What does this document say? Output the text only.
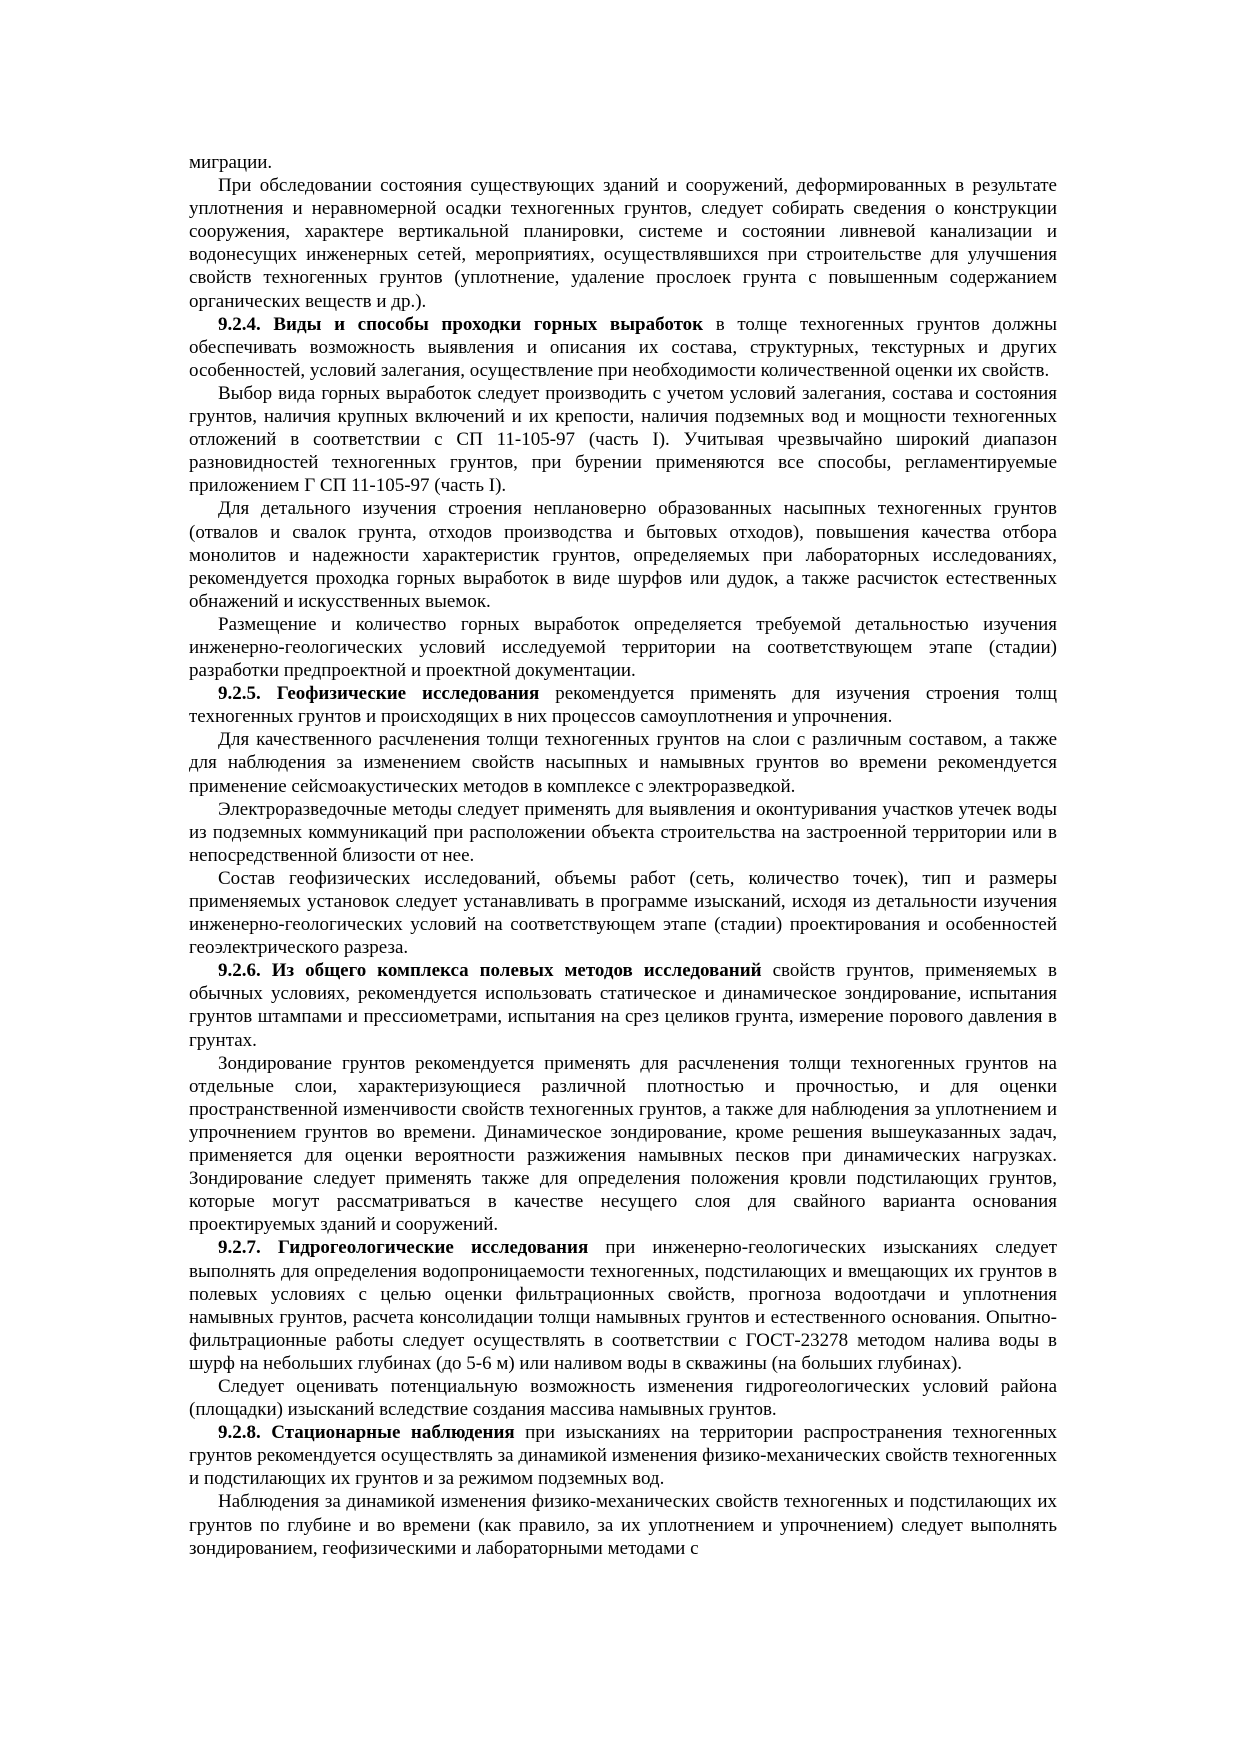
миграции.

При обследовании состояния существующих зданий и сооружений, деформированных в результате уплотнения и неравномерной осадки техногенных грунтов, следует собирать сведения о конструкции сооружения, характере вертикальной планировки, системе и состоянии ливневой канализации и водонесущих инженерных сетей, мероприятиях, осуществлявшихся при строительстве для улучшения свойств техногенных грунтов (уплотнение, удаление прослоек грунта с повышенным содержанием органических веществ и др.).

9.2.4. Виды и способы проходки горных выработок в толще техногенных грунтов должны обеспечивать возможность выявления и описания их состава, структурных, текстурных и других особенностей, условий залегания, осуществление при необходимости количественной оценки их свойств.

Выбор вида горных выработок следует производить с учетом условий залегания, состава и состояния грунтов, наличия крупных включений и их крепости, наличия подземных вод и мощности техногенных отложений в соответствии с СП 11-105-97 (часть I). Учитывая чрезвычайно широкий диапазон разновидностей техногенных грунтов, при бурении применяются все способы, регламентируемые приложением Г СП 11-105-97 (часть I).

Для детального изучения строения неплановерно образованных насыпных техногенных грунтов (отвалов и свалок грунта, отходов производства и бытовых отходов), повышения качества отбора монолитов и надежности характеристик грунтов, определяемых при лабораторных исследованиях, рекомендуется проходка горных выработок в виде шурфов или дудок, а также расчисток естественных обнажений и искусственных выемок.

Размещение и количество горных выработок определяется требуемой детальностью изучения инженерно-геологических условий исследуемой территории на соответствующем этапе (стадии) разработки предпроектной и проектной документации.

9.2.5. Геофизические исследования рекомендуется применять для изучения строения толщ техногенных грунтов и происходящих в них процессов самоуплотнения и упрочнения.

Для качественного расчленения толщи техногенных грунтов на слои с различным составом, а также для наблюдения за изменением свойств насыпных и намывных грунтов во времени рекомендуется применение сейсмоакустических методов в комплексе с электроразведкой.

Электроразведочные методы следует применять для выявления и оконтуривания участков утечек воды из подземных коммуникаций при расположении объекта строительства на застроенной территории или в непосредственной близости от нее.

Состав геофизических исследований, объемы работ (сеть, количество точек), тип и размеры применяемых установок следует устанавливать в программе изысканий, исходя из детальности изучения инженерно-геологических условий на соответствующем этапе (стадии) проектирования и особенностей геоэлектрического разреза.

9.2.6. Из общего комплекса полевых методов исследований свойств грунтов, применяемых в обычных условиях, рекомендуется использовать статическое и динамическое зондирование, испытания грунтов штампами и прессиометрами, испытания на срез целиков грунта, измерение порового давления в грунтах.

Зондирование грунтов рекомендуется применять для расчленения толщи техногенных грунтов на отдельные слои, характеризующиеся различной плотностью и прочностью, и для оценки пространственной изменчивости свойств техногенных грунтов, а также для наблюдения за уплотнением и упрочнением грунтов во времени. Динамическое зондирование, кроме решения вышеуказанных задач, применяется для оценки вероятности разжижения намывных песков при динамических нагрузках. Зондирование следует применять также для определения положения кровли подстилающих грунтов, которые могут рассматриваться в качестве несущего слоя для свайного варианта основания проектируемых зданий и сооружений.

9.2.7. Гидрогеологические исследования при инженерно-геологических изысканиях следует выполнять для определения водопроницаемости техногенных, подстилающих и вмещающих их грунтов в полевых условиях с целью оценки фильтрационных свойств, прогноза водоотдачи и уплотнения намывных грунтов, расчета консолидации толщи намывных грунтов и естественного основания. Опытно-фильтрационные работы следует осуществлять в соответствии с ГОСТ-23278 методом налива воды в шурф на небольших глубинах (до 5-6 м) или наливом воды в скважины (на больших глубинах).

Следует оценивать потенциальную возможность изменения гидрогеологических условий района (площадки) изысканий вследствие создания массива намывных грунтов.

9.2.8. Стационарные наблюдения при изысканиях на территории распространения техногенных грунтов рекомендуется осуществлять за динамикой изменения физико-механических свойств техногенных и подстилающих их грунтов и за режимом подземных вод.

Наблюдения за динамикой изменения физико-механических свойств техногенных и подстилающих их грунтов по глубине и во времени (как правило, за их уплотнением и упрочнением) следует выполнять зондированием, геофизическими и лабораторными методами с
